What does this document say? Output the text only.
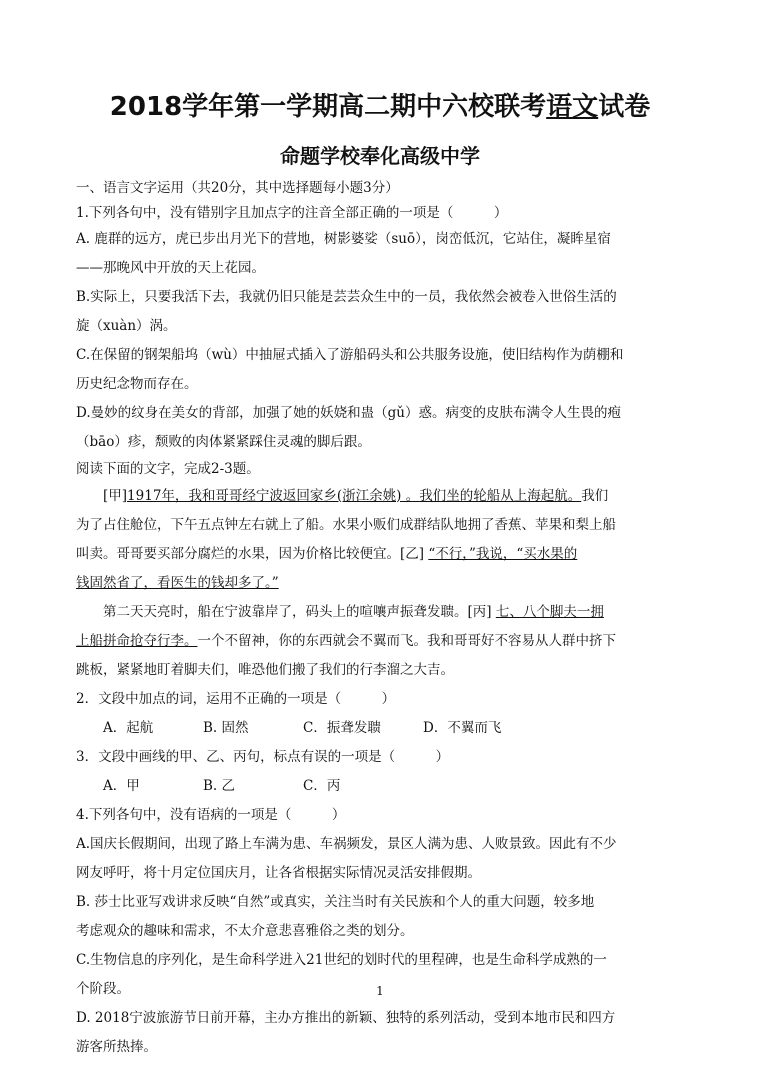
2018学年第一学期高二期中六校联考语文试卷
命题学校奉化高级中学
一、语言文字运用（共20分，其中选择题每小题3分）
1.下列各句中，没有错别字且加点字的注音全部正确的一项是（　　　）
A. 鹿群的远方，虎已步出月光下的营地，树影婆娑（suō），岗峦低沉，它站住，凝眸星宿
——那晚风中开放的天上花园。
B.实际上，只要我活下去，我就仍旧只能是芸芸众生中的一员，我依然会被卷入世俗生活的
旋（xuàn）涡。
C.在保留的钢架船坞（wù）中抽屉式插入了游船码头和公共服务设施，使旧结构作为荫棚和
历史纪念物而存在。
D.曼妙的纹身在美女的背部，加强了她的妖娆和蛊（gǔ）惑。病变的皮肤布满令人生畏的疱
（bāo）疹，颓败的肉体紧紧踩住灵魂的脚后跟。
阅读下面的文字，完成2-3题。
[甲]1917年，我和哥哥经宁波返回家乡(浙江余姚) 。我们坐的轮船从上海起航。我们
为了占住舱位，下午五点钟左右就上了船。水果小贩们成群结队地拥了香蕉、苹果和梨上船
叫卖。哥哥要买部分腐烂的水果，因为价格比较便宜。[乙] “不行，”我说，“买水果的
钱固然省了，看医生的钱却多了。”
第二天天亮时，船在宁波靠岸了，码头上的喧嚷声振聋发聩。[丙] 七、八个脚夫一拥
上船拼命抢夺行李。一个不留神，你的东西就会不翼而飞。我和哥哥好不容易从人群中挤下
跳板，紧紧地盯着脚夫们，唯恐他们搬了我们的行李溜之大吉。
2．文段中加点的词，运用不正确的一项是（　　　）
A．起航	B. 固然	C．振聋发聩	D．不翼而飞
3．文段中画线的甲、乙、丙句，标点有误的一项是（　　　）
A．甲	B. 乙	C．丙
4.下列各句中，没有语病的一项是（　　　）
A.国庆长假期间，出现了路上车满为患、车祸频发，景区人满为患、人败景致。因此有不少
网友呼吁，将十月定位国庆月，让各省根据实际情况灵活安排假期。
B. 莎士比亚写戏讲求反映“自然”或真实，关注当时有关民族和个人的重大问题，较多地
考虑观众的趣味和需求，不太介意悲喜雅俗之类的划分。
C.生物信息的序列化，是生命科学进入21世纪的划时代的里程碑，也是生命科学成熟的一
个阶段。
D. 2018宁波旅游节日前开幕，主办方推出的新颖、独特的系列活动，受到本地市民和四方
游客所热捧。
1
